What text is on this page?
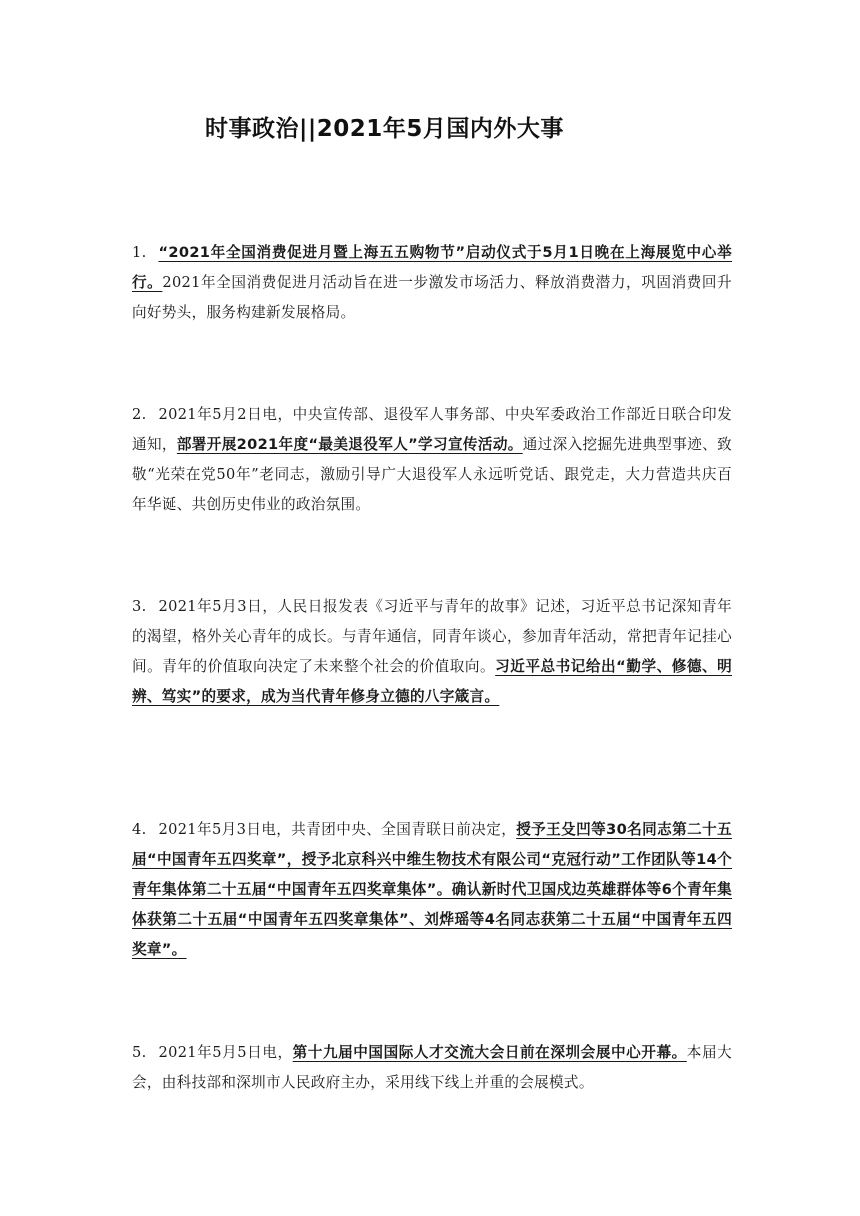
时事政治||2021年5月国内外大事

1. “2021年全国消费促进月暨上海五五购物节”启动仪式于5月1日晚在上海展览中心举行。2021年全国消费促进月活动旨在进一步激发市场活力、释放消费潜力，巩固消费回升向好势头，服务构建新发展格局。

2. 2021年5月2日电，中央宣传部、退役军人事务部、中央军委政治工作部近日联合印发通知，部署开展2021年度“最美退役军人”学习宣传活动。通过深入挖掘先进典型事迹、致敬“光荣在党50年”老同志，激励引导广大退役军人永远听党话、跟党走，大力营造共庆百年华诞、共创历史伟业的政治氛围。

3. 2021年5月3日，人民日报发表《习近平与青年的故事》记述，习近平总书记深知青年的渴望，格外关心青年的成长。与青年通信，同青年谈心，参加青年活动，常把青年记挂心间。青年的价值取向决定了未来整个社会的价值取向。习近平总书记给出“勤学、修德、明辨、笃实”的要求，成为当代青年修身立德的八字箴言。

4. 2021年5月3日电，共青团中央、全国青联日前决定，授予王殳凹等30名同志第二十五届“中国青年五四奖章”，授予北京科兴中维生物技术有限公司“克冠行动”工作团队等14个青年集体第二十五届“中国青年五四奖章集体”。确认新时代卫国戍边英雄群体等6个青年集体获第二十五届“中国青年五四奖章集体”、刘烨瑶等4名同志获第二十五届“中国青年五四奖章”。

5. 2021年5月5日电，第十九届中国国际人才交流大会日前在深圳会展中心开幕。本届大会，由科技部和深圳市人民政府主办，采用线下线上并重的会展模式。
